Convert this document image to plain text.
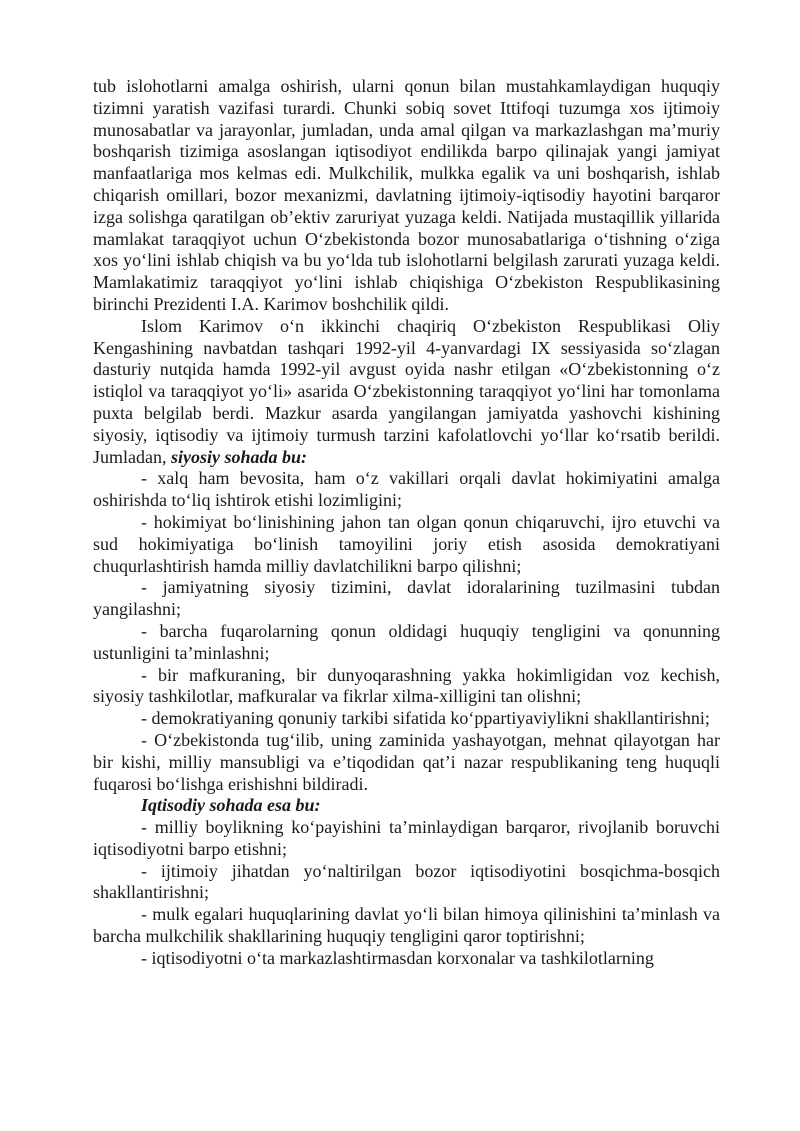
tub islohotlarni amalga oshirish, ularni qonun bilan mustahkamlaydigan huquqiy tizimni yaratish vazifasi turardi. Chunki sobiq sovet Ittifoqi tuzumga xos ijtimoiy munosabatlar va jarayonlar, jumladan, unda amal qilgan va markazlashgan ma’muriy boshqarish tizimiga asoslangan iqtisodiyot endilikda barpo qilinajak yangi jamiyat manfaatlariga mos kelmas edi. Mulkchilik, mulkka egalik va uni boshqarish, ishlab chiqarish omillari, bozor mexanizmi, davlatning ijtimoiy-iqtisodiy hayotini barqaror izga solishga qaratilgan ob’ektiv zaruriyat yuzaga keldi. Natijada mustaqillik yillarida mamlakat taraqqiyot uchun O‘zbekistonda bozor munosabatlariga o‘tishning o‘ziga xos yo‘lini ishlab chiqish va bu yo‘lda tub islohotlarni belgilash zarurati yuzaga keldi. Mamlakatimiz taraqqiyot yo‘lini ishlab chiqishiga O‘zbekiston Respublikasining birinchi Prezidenti I.A. Karimov boshchilik qildi.

Islom Karimov o‘n ikkinchi chaqiriq O‘zbekiston Respublikasi Oliy Kengashining navbatdan tashqari 1992-yil 4-yanvardagi IX sessiyasida so‘zlagan dasturiy nutqida hamda 1992-yil avgust oyida nashr etilgan «O‘zbekistonning o‘z istiqlol va taraqqiyot yo‘li» asarida O‘zbekistonning taraqqiyot yo‘lini har tomonlama puxta belgilab berdi. Mazkur asarda yangilangan jamiyatda yashovchi kishining siyosiy, iqtisodiy va ijtimoiy turmush tarzini kafolatlovchi yo‘llar ko‘rsatib berildi. Jumladan, siyosiy sohada bu:

- xalq ham bevosita, ham o‘z vakillari orqali davlat hokimiyatini amalga oshirishda to‘liq ishtirok etishi lozimligini;

- hokimiyat bo‘linishining jahon tan olgan qonun chiqaruvchi, ijro etuvchi va sud hokimiyatiga bo‘linish tamoyilini joriy etish asosida demokratiyani chuqurlashtirish hamda milliy davlatchilikni barpo qilishni;

- jamiyatning siyosiy tizimini, davlat idoralarining tuzilmasini tubdan yangilashni;

- barcha fuqarolarning qonun oldidagi huquqiy tengligini va qonunning ustunligini ta’minlashni;

- bir mafkuraning, bir dunyoqarashning yakka hokimligidan voz kechish, siyosiy tashkilotlar, mafkuralar va fikrlar xilma-xilligini tan olishni;

- demokratiyaning qonuniy tarkibi sifatida ko‘ppartiyaviylikni shakllantirishni;

- O‘zbekistonda tug‘ilib, uning zaminida yashayotgan, mehnat qilayotgan har bir kishi, milliy mansubligi va e’tiqodidan qat’i nazar respublikaning teng huquqli fuqarosi bo‘lishga erishishni bildiradi.

Iqtisodiy sohada esa bu:

- milliy boylikning ko‘payishini ta’minlaydigan barqaror, rivojlanib boruvchi iqtisodiyotni barpo etishni;

- ijtimoiy jihatdan yo‘naltirilgan bozor iqtisodiyotini bosqichma-bosqich shakllantirishni;

- mulk egalari huquqlarining davlat yo‘li bilan himoya qilinishini ta’minlash va barcha mulkchilik shakllarining huquqiy tengligini qaror toptirishni;

- iqtisodiyotni o‘ta markazlashtirmasdan korxonalar va tashkilotlarning
